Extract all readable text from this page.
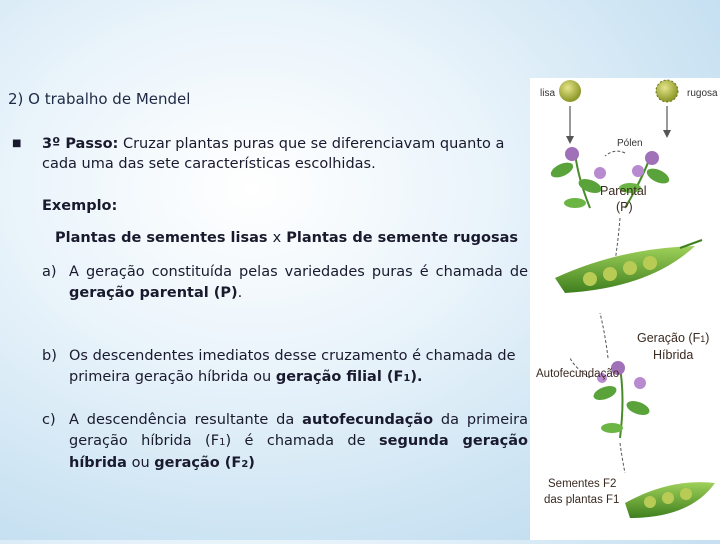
2) O trabalho de Mendel
■ 3º Passo: Cruzar plantas puras que se diferenciavam quanto a cada uma das sete características escolhidas.
Exemplo:
Plantas de sementes lisas x Plantas de semente rugosas
a) A geração constituída pelas variedades puras é chamada de geração parental (P).
b) Os descendentes imediatos desse cruzamento é chamada de primeira geração híbrida ou geração filial (F1).
c) A descendência resultante da autofecundação da primeira geração híbrida (F1) é chamada de segunda geração híbrida ou geração (F2)
lisa	rugosa
Pólen
Parental
(P)
Geração (F1)
Híbrida
Autofecundação
Sementes F2
das plantas F1
